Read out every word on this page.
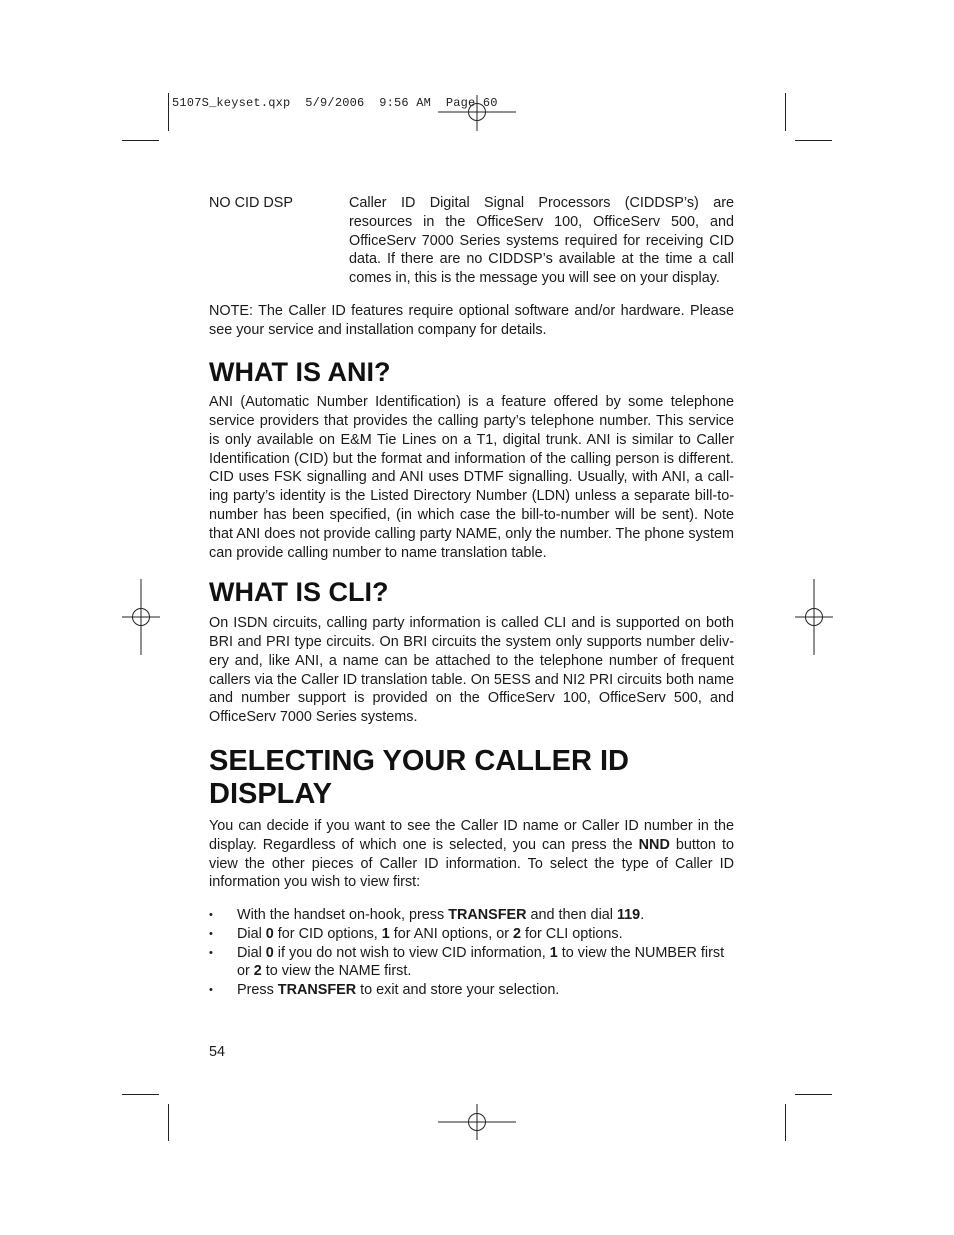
5107S_keyset.qxp  5/9/2006  9:56 AM  Page 60
NO CID DSP	Caller ID Digital Signal Processors (CIDDSP’s) are resources in the OfficeServ 100, OfficeServ 500, and OfficeServ 7000 Series systems required for receiving CID data. If there are no CIDDSP’s available at the time a call comes in, this is the message you will see on your display.

NOTE: The Caller ID features require optional software and/or hardware. Please see your service and installation company for details.

WHAT IS ANI?

ANI (Automatic Number Identification) is a feature offered by some telephone service providers that provides the calling party’s telephone number. This service is only available on E&M Tie Lines on a T1, digital trunk. ANI is similar to Caller Identification (CID) but the format and information of the calling person is different. CID uses FSK signalling and ANI uses DTMF signalling. Usually, with ANI, a calling party’s identity is the Listed Directory Number (LDN) unless a separate bill-to-number has been specified, (in which case the bill-to-number will be sent). Note that ANI does not provide calling party NAME, only the number. The phone system can provide calling number to name translation table.

WHAT IS CLI?

On ISDN circuits, calling party information is called CLI and is supported on both BRI and PRI type circuits. On BRI circuits the system only supports number delivery and, like ANI, a name can be attached to the telephone number of frequent callers via the Caller ID translation table. On 5ESS and NI2 PRI circuits both name and number support is provided on the OfficeServ 100, OfficeServ 500, and OfficeServ 7000 Series systems.

SELECTING YOUR CALLER ID
DISPLAY

You can decide if you want to see the Caller ID name or Caller ID number in the display. Regardless of which one is selected, you can press the NND button to view the other pieces of Caller ID information. To select the type of Caller ID information you wish to view first:

• With the handset on-hook, press TRANSFER and then dial 119.
• Dial 0 for CID options, 1 for ANI options, or 2 for CLI options.
• Dial 0 if you do not wish to view CID information, 1 to view the NUMBER first or 2 to view the NAME first.
• Press TRANSFER to exit and store your selection.
54
